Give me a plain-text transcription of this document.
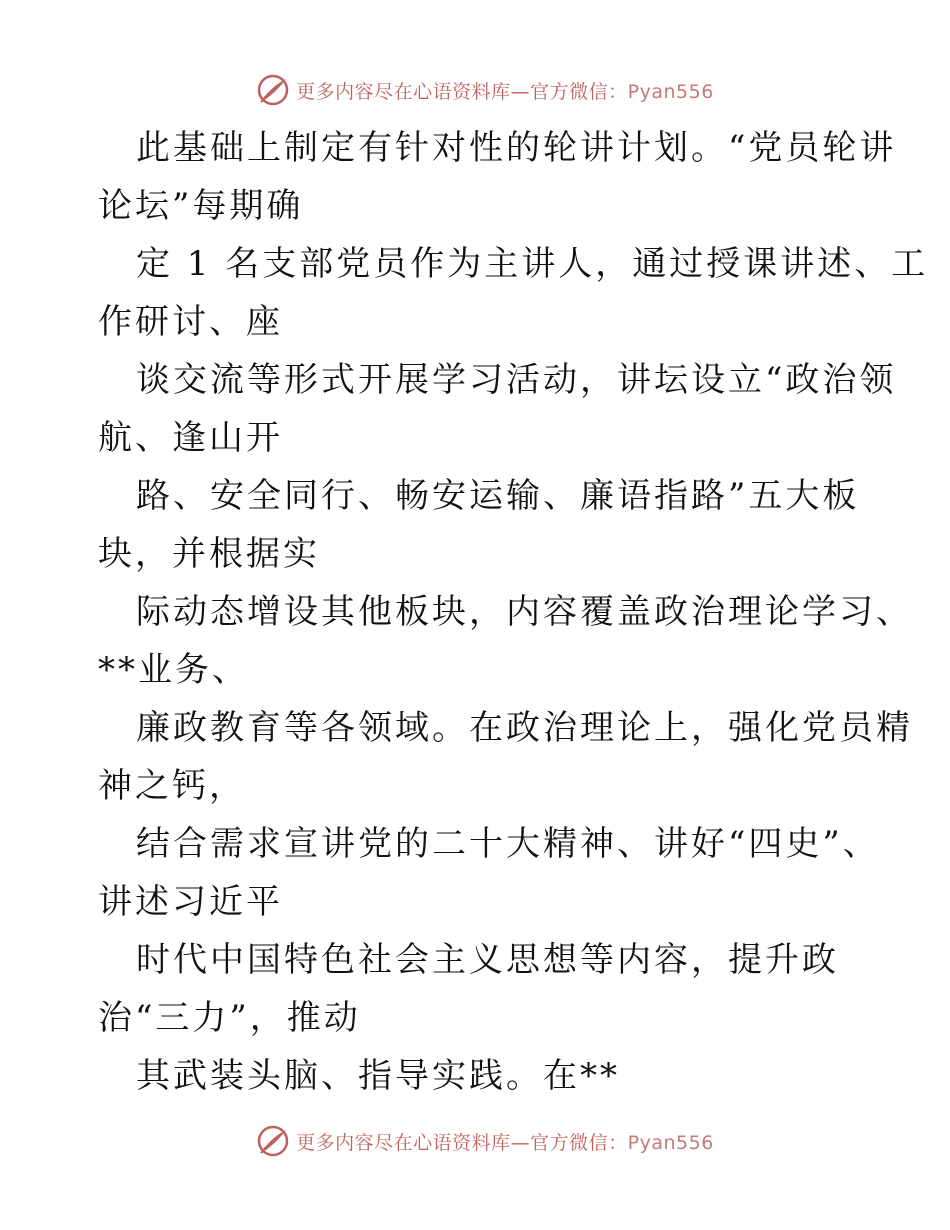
更多内容尽在心语资料库—官方微信：Pyan556
此基础上制定有针对性的轮讲计划。“党员轮讲
论坛”每期确
定 1 名支部党员作为主讲人，通过授课讲述、工
作研讨、座
谈交流等形式开展学习活动，讲坛设立“政治领
航、逢山开
路、安全同行、畅安运输、廉语指路”五大板
块，并根据实
际动态增设其他板块，内容覆盖政治理论学习、
**业务、
廉政教育等各领域。在政治理论上，强化党员精
神之钙，
结合需求宣讲党的二十大精神、讲好“四史”、
讲述习近平
时代中国特色社会主义思想等内容，提升政
治“三力”，推动
其武装头脑、指导实践。在**
更多内容尽在心语资料库—官方微信：Pyan556
